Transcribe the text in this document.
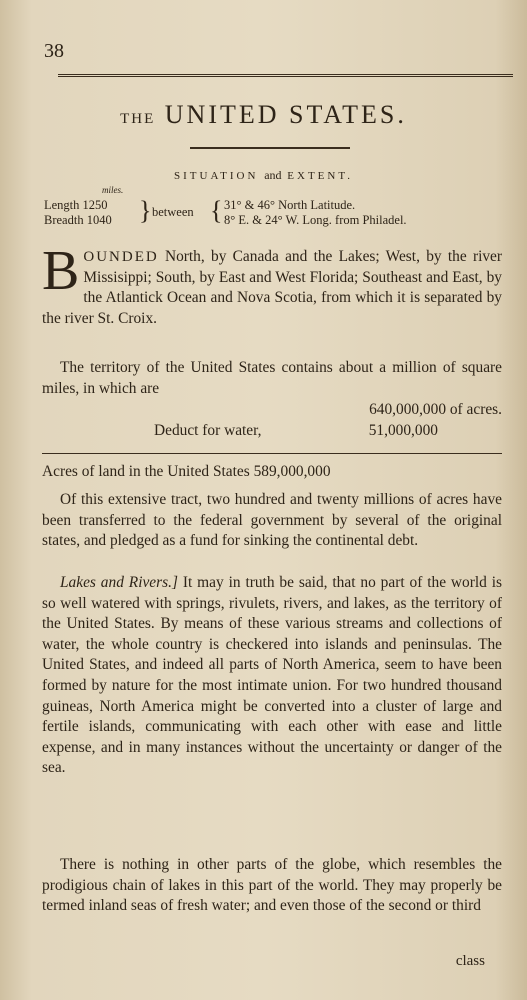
38
THE UNITED STATES.
SITUATION and EXTENT.
miles.
Length 1250
Breadth 1040 } between { 31° & 46° North Latitude.
8° E. & 24° W. Long. from Philadel.
BOUNDED North, by Canada and the Lakes; West, by the river Missisippi; South, by East and West Florida; Southeast and East, by the Atlantick Ocean and Nova Scotia, from which it is separated by the river St. Croix.
The territory of the United States contains about a million of square miles, in which are
640,000,000 of acres.
Deduct for water,	51,000,000
Acres of land in the United States 589,000,000
Of this extensive tract, two hundred and twenty millions of acres have been transferred to the federal government by several of the original states, and pledged as a fund for sinking the continental debt.
Lakes and Rivers.] It may in truth be said, that no part of the world is so well watered with springs, rivulets, rivers, and lakes, as the territory of the United States. By means of these various streams and collections of water, the whole country is checkered into islands and peninsulas. The United States, and indeed all parts of North America, seem to have been formed by nature for the most intimate union. For two hundred thousand guineas, North America might be converted into a cluster of large and fertile islands, communicating with each other with ease and little expense, and in many instances without the uncertainty or danger of the sea.
There is nothing in other parts of the globe, which resembles the prodigious chain of lakes in this part of the world. They may properly be termed inland seas of fresh water; and even those of the second or third
class
